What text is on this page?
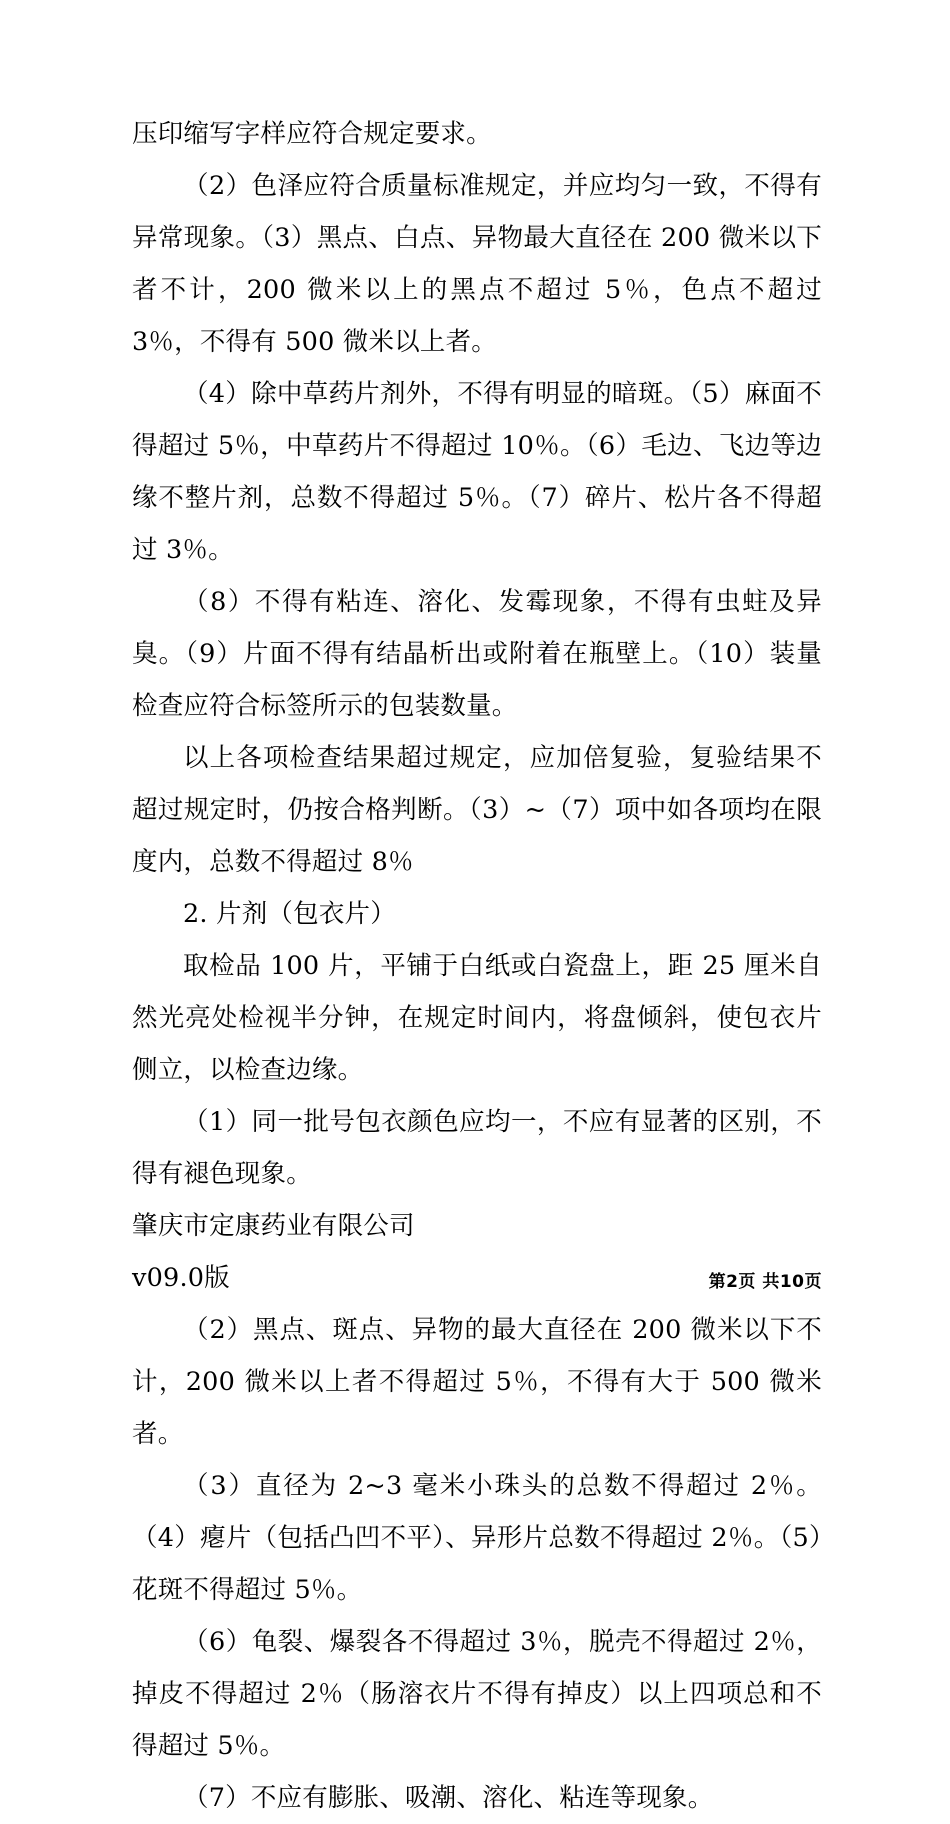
压印缩写字样应符合规定要求。

（2）色泽应符合质量标准规定，并应均匀一致，不得有异常现象。（3）黑点、白点、异物最大直径在 200 微米以下者不计，200 微米以上的黑点不超过 5％，色点不超过 3％，不得有 500 微米以上者。

（4）除中草药片剂外，不得有明显的暗斑。（5）麻面不得超过 5％，中草药片不得超过 10％。（6）毛边、飞边等边缘不整片剂，总数不得超过 5％。（7）碎片、松片各不得超过 3％。

（8）不得有粘连、溶化、发霉现象，不得有虫蛀及异臭。（9）片面不得有结晶析出或附着在瓶壁上。（10）装量检查应符合标签所示的包装数量。

以上各项检查结果超过规定，应加倍复验，复验结果不超过规定时，仍按合格判断。（3）~（7）项中如各项均在限度内，总数不得超过 8％

2. 片剂（包衣片）

取检品 100 片，平铺于白纸或白瓷盘上，距 25 厘米自然光亮处检视半分钟，在规定时间内，将盘倾斜，使包衣片侧立，以检查边缘。

（1）同一批号包衣颜色应均一，不应有显著的区别，不得有褪色现象。

肇庆市定康药业有限公司

v09.0版

（2）黑点、斑点、异物的最大直径在 200 微米以下不计，200 微米以上者不得超过 5％，不得有大于 500 微米者。

（3）直径为 2~3 毫米小珠头的总数不得超过 2％。（4）瘪片（包括凸凹不平）、异形片总数不得超过 2％。（5）花斑不得超过 5％。

（6）龟裂、爆裂各不得超过 3％，脱壳不得超过 2％，掉皮不得超过 2％（肠溶衣片不得有掉皮）以上四项总和不得超过 5％。

（7）不应有膨胀、吸潮、溶化、粘连等现象。

第2页 共10页
